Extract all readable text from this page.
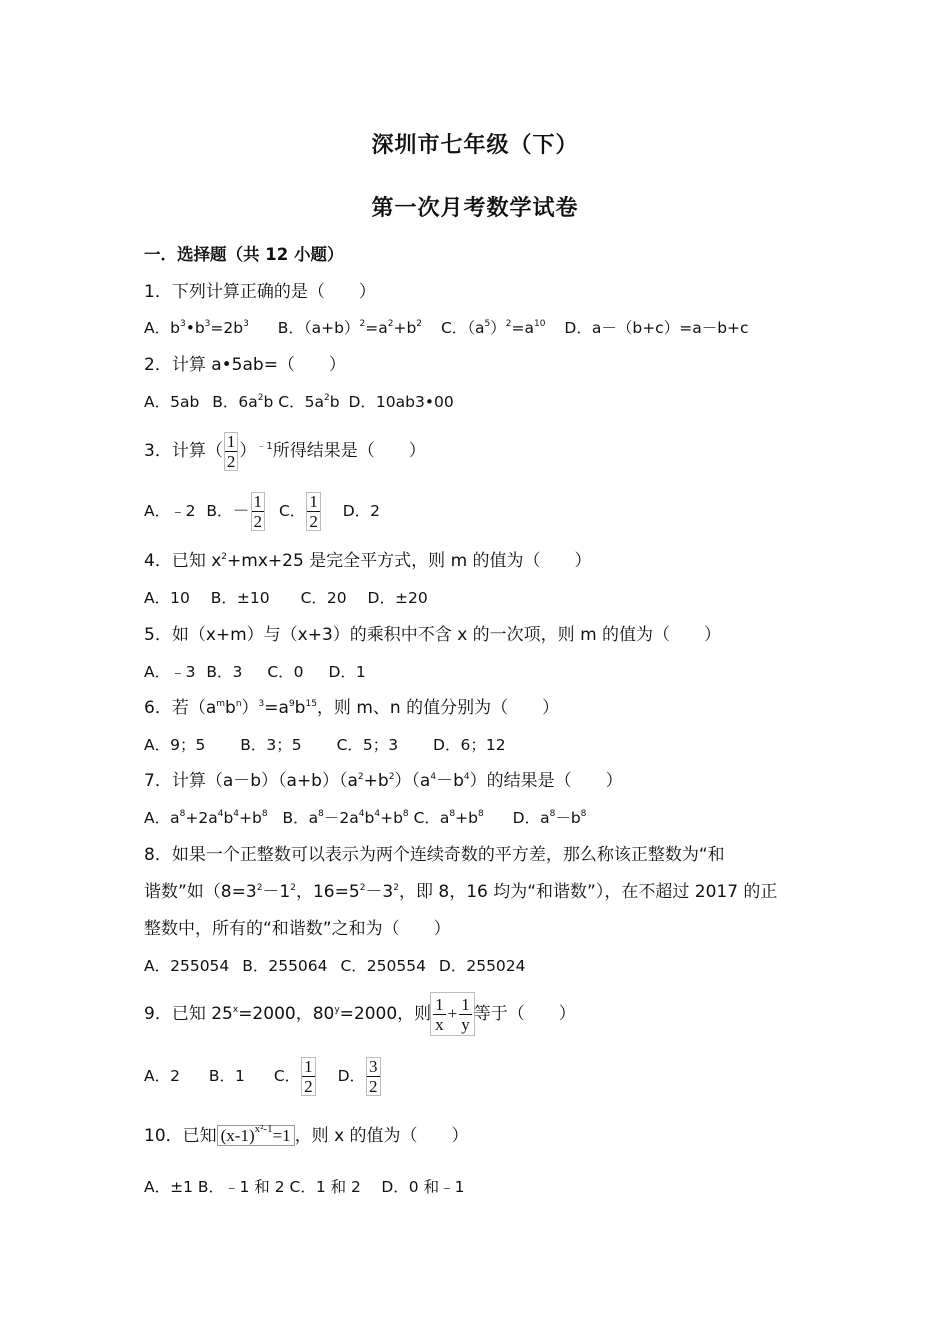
深圳市七年级（下）
第一次月考数学试卷
一．选择题（共 12 小题）
1．下列计算正确的是（　　）
A．$b^3•b^3=2b^3$ B．$(a+b)^2=a^2+b^2$ C．$(a^5)^2=a^{10}$ D．a－（b+c）=a－b+c
2．计算 a•5ab=（　　）
A．5ab B．$6a^2b$ C．$5a^2b$ D．10ab3•00
3．计算（ $\frac{1}{2} )^{﹣1}$所得结果是（　　）
A．﹣2 B．－ $\frac{1}{2}$ C． $\frac{1}{2}$ D．2
4．已知 $x^2+mx+25$ 是完全平方式，则 m 的值为（　　）
A．10 B．±10 C．20 D．±20
5．如（x+m）与（x+3）的乘积中不含 x 的一次项，则 m 的值为（　　）
A．﹣3 B．3 C．0 D．1
6．若$(a^mb^n)^3=a^9b^{15}$，则 m、n 的值分别为（　　）
A．9；5 B．3；5 C．5；3 D．6；12
7．计算$(a-b)(a+b)(a^2+b^2)(a^4-b^4)$的结果是（　　）
A．$a^8+2a^4b^4+b^8$ B．$a^8-2a^4b^4+b^8$ C．$a^8+b^8$ D．$a^8-b^8$
8．如果一个正整数可以表示为两个连续奇数的平方差，那么称该正整数为“和
谐数”如（$8=3^2-1^2$，$16=5^2-3^2$，即 8，16 均为“和谐数”），在不超过 2017 的正
整数中，所有的“和谐数”之和为（　　）
A．255054 B．255064 C．250554 D．255024
9．已知 $25^x=2000$，$80^y=2000$，则 $\frac{1}{x} + \frac{1}{y}$ 等于（　　）
A．2 B．1 C． $\frac{1}{2}$ D． $\frac{3}{2}$
10．已知 $(x-1)^{x^2-1}=1$ ，则 x 的值为（　　）
A．±1 B．﹣1 和 2 C．1 和 2　 D．0 和﹣1
